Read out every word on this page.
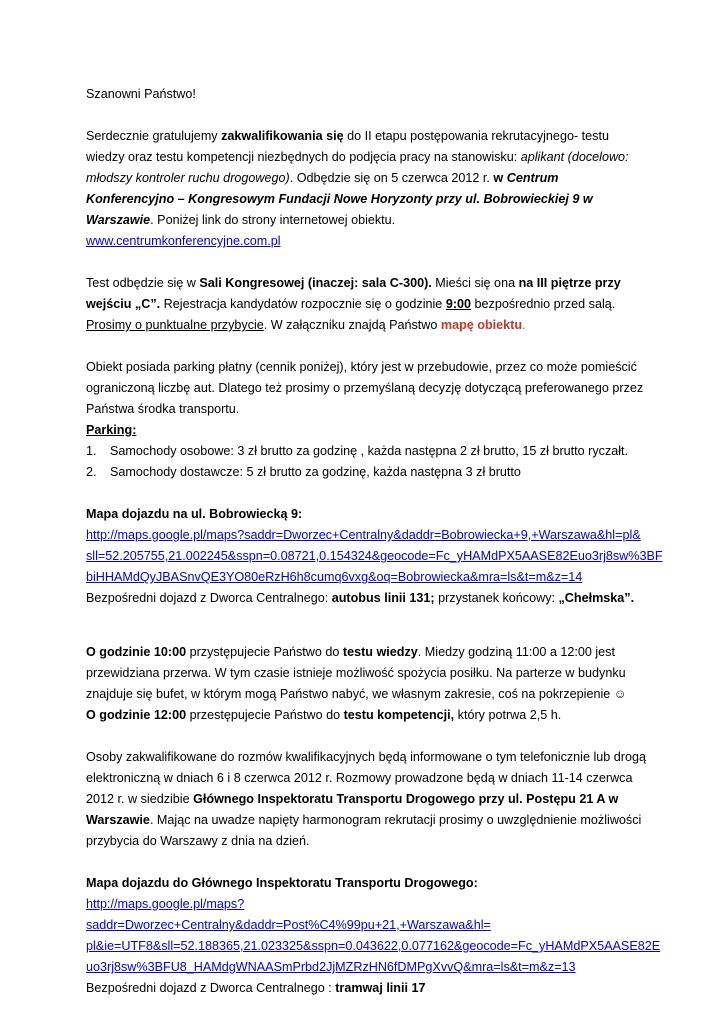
Szanowni Państwo!

Serdecznie gratulujemy zakwalifikowania się do II etapu postępowania rekrutacyjnego- testu wiedzy oraz testu kompetencji niezbędnych do podjęcia pracy na stanowisku: aplikant (docelowo: młodszy kontroler ruchu drogowego). Odbędzie się on 5 czerwca 2012 r. w Centrum Konferencyjno – Kongresowym Fundacji Nowe Horyzonty przy ul. Bobrowieckiej 9 w Warszawie. Poniżej link do strony internetowej obiektu.
www.centrumkonferencyjne.com.pl

Test odbędzie się w Sali Kongresowej (inaczej: sala C-300). Mieści się ona na III piętrze przy wejściu „C”. Rejestracja kandydatów rozpocznie się o godzinie 9:00 bezpośrednio przed salą. Prosimy o punktualne przybycie. W załączniku znajdą Państwo mapę obiektu.

Obiekt posiada parking płatny (cennik poniżej), który jest w przebudowie, przez co może pomieścić ograniczoną liczbę aut. Dlatego też prosimy o przemyślaną decyzję dotyczącą preferowanego przez Państwa środka transportu.

Parking:

1. Samochody osobowe: 3 zł brutto za godzinę , każda następna 2 zł brutto, 15 zł brutto ryczałt.
2. Samochody dostawcze: 5 zł brutto za godzinę, każda następna 3 zł brutto

Mapa dojazdu na ul. Bobrowiecką 9:

http://maps.google.pl/maps?saddr=Dworzec+Centralny&daddr=Bobrowiecka+9,+Warszawa&hl=pl&
sll=52.205755,21.002245&sspn=0.08721,0.154324&geocode=Fc_yHAMdPX5AASE82Euo3rj8sw%3BF
biHHAMdQyJBASnvQE3YO80eRzH6h8cumq6vxg&oq=Bobrowiecka&mra=ls&t=m&z=14

Bezpośredni dojazd z Dworca Centralnego: autobus linii 131; przystanek końcowy: „Chełmska”.

O godzinie 10:00 przystępujecie Państwo do testu wiedzy. Miedzy godziną 11:00 a 12:00 jest przewidziana przerwa. W tym czasie istnieje możliwość spożycia posiłku. Na parterze w budynku znajduje się bufet, w którym mogą Państwo nabyć, we własnym zakresie, coś na pokrzepienie ☺
O godzinie 12:00 przestępujecie Państwo do testu kompetencji, który potrwa 2,5 h.

Osoby zakwalifikowane do rozmów kwalifikacyjnych będą informowane o tym telefonicznie lub drogą elektroniczną w dniach 6 i 8 czerwca 2012 r. Rozmowy prowadzone będą w dniach 11-14 czerwca 2012 r. w siedzibie Głównego Inspektoratu Transportu Drogowego przy ul. Postępu 21 A w Warszawie. Mając na uwadze napięty harmonogram rekrutacji prosimy o uwzględnienie możliwości przybycia do Warszawy z dnia na dzień.

Mapa dojazdu do Głównego Inspektoratu Transportu Drogowego:

http://maps.google.pl/maps?saddr=Dworzec+Centralny&daddr=Post%C4%99pu+21,+Warszawa&hl=
pl&ie=UTF8&sll=52.188365,21.023325&sspn=0.043622,0.077162&geocode=Fc_yHAMdPX5AASE82E
uo3rj8sw%3BFU8_HAMdgWNAASmPrbd2JjMZRzHN6fDMPgXvvQ&mra=ls&t=m&z=13

Bezpośredni dojazd z Dworca Centralnego : tramwaj linii 17
